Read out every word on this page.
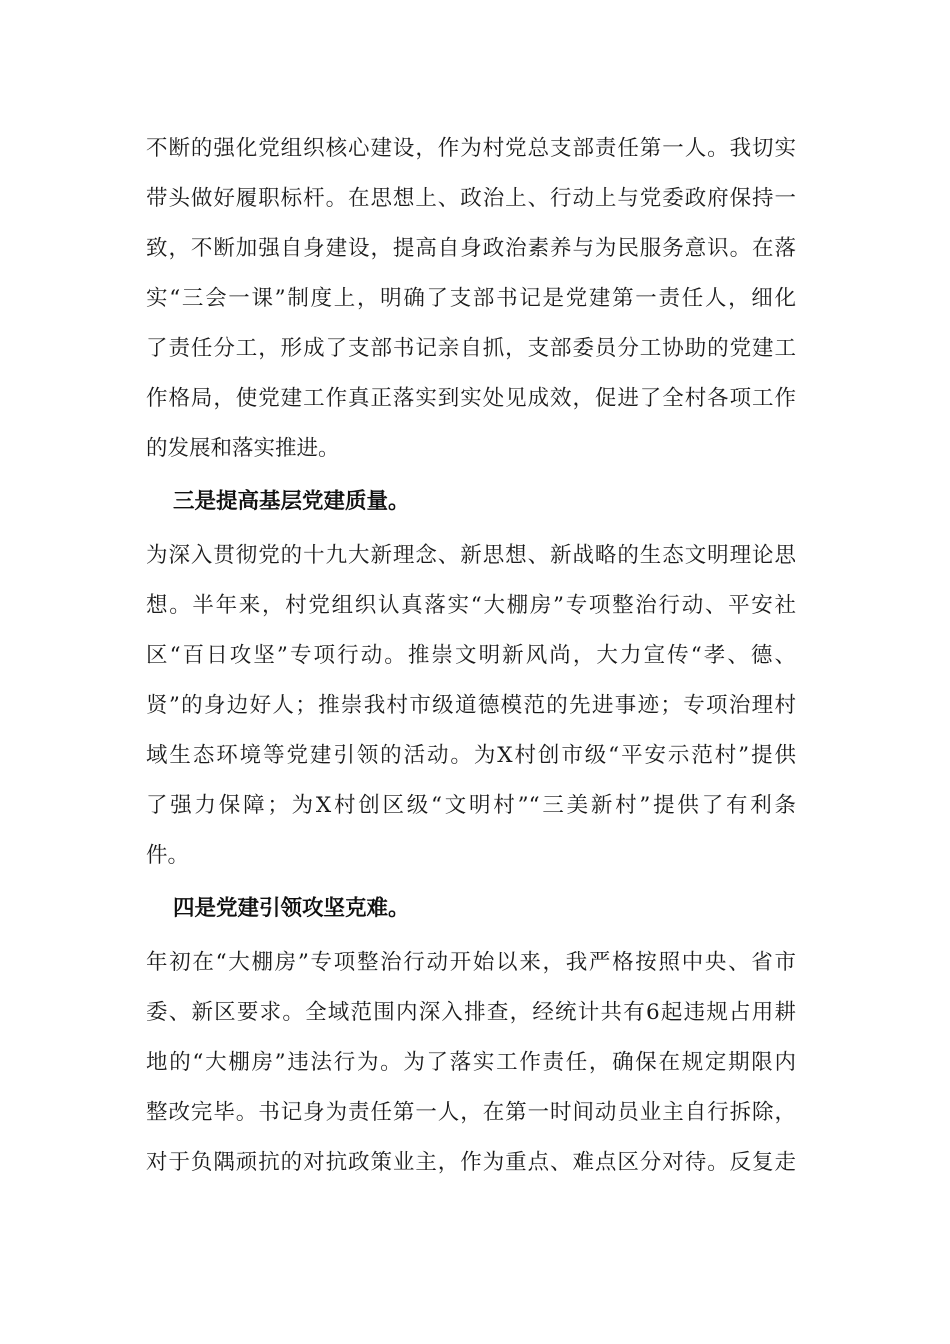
不断的强化党组织核心建设，作为村党总支部责任第一人。我切实
带头做好履职标杆。在思想上、政治上、行动上与党委政府保持一
致，不断加强自身建设，提高自身政治素养与为民服务意识。在落
实“三会一课”制度上，明确了支部书记是党建第一责任人，细化
了责任分工，形成了支部书记亲自抓，支部委员分工协助的党建工
作格局，使党建工作真正落实到实处见成效，促进了全村各项工作
的发展和落实推进。
三是提高基层党建质量。
为深入贯彻党的十九大新理念、新思想、新战略的生态文明理论思
想。半年来，村党组织认真落实“大棚房”专项整治行动、平安社
区“百日攻坚”专项行动。推崇文明新风尚，大力宣传“孝、德、
贤”的身边好人；推崇我村市级道德模范的先进事迹；专项治理村
域生态环境等党建引领的活动。为X村创市级“平安示范村”提供
了强力保障；为X村创区级“文明村”“三美新村”提供了有利条
件。
四是党建引领攻坚克难。
年初在“大棚房”专项整治行动开始以来，我严格按照中央、省市
委、新区要求。全域范围内深入排查，经统计共有6起违规占用耕
地的“大棚房”违法行为。为了落实工作责任，确保在规定期限内
整改完毕。书记身为责任第一人，在第一时间动员业主自行拆除，
对于负隅顽抗的对抗政策业主，作为重点、难点区分对待。反复走
